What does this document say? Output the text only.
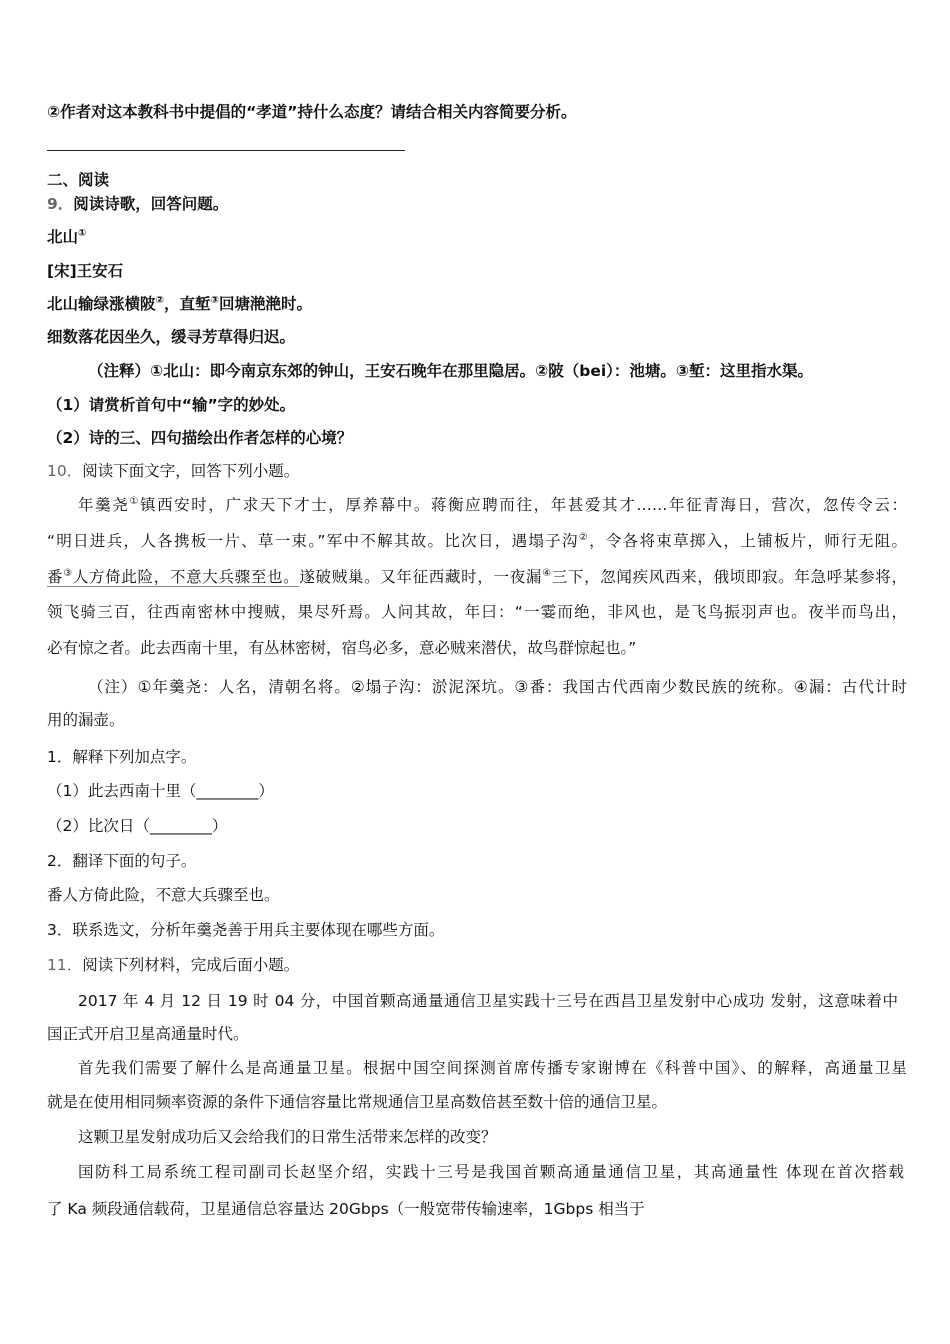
②作者对这本教科书中提倡的“孝道”持什么态度？请结合相关内容简要分析。
二、阅读
9．阅读诗歌，回答问题。
北山①
[宋]王安石
北山输绿涨横陂②，直堑③回塘滟滟时。
细数落花因坐久，缓寻芳草得归迟。
（注释）①北山：即今南京东郊的钟山，王安石晚年在那里隐居。②陂（bei）：池塘。③堑：这里指水渠。
（1）请赏析首句中“输”字的妙处。
（2）诗的三、四句描绘出作者怎样的心境？
10．阅读下面文字，回答下列小题。
年羹尧①镇西安时，广求天下才士，厚养幕中。蒋衡应聘而往，年甚爱其才……年征青海日，营次，忽传令云：
“明日进兵，人各携板一片、草一束。”军中不解其故。比次日，遇塌子沟②，令各将束草掷入，上铺板片，师行无阻。
番③人方倚此险，不意大兵骤至也。遂破贼巢。又年征西藏时，一夜漏④三下，忽闻疾风西来，俄顷即寂。年急呼某参将，
领飞骑三百，往西南密林中搜贼，果尽歼焉。人问其故，年曰：“一霎而绝，非风也，是飞鸟振羽声也。夜半而鸟出，
必有惊之者。此去西南十里，有丛林密树，宿鸟必多，意必贼来潜伏，故鸟群惊起也。”
（注）①年羹尧：人名，清朝名将。②塌子沟：淤泥深坑。③番：我国古代西南少数民族的统称。④漏：古代计时
用的漏壶。
1．解释下列加点字。
（1）此去西南十里（________）
（2）比次日（________）
2．翻译下面的句子。
番人方倚此险，不意大兵骤至也。
3．联系选文，分析年羹尧善于用兵主要体现在哪些方面。
11．阅读下列材料，完成后面小题。
2017 年 4 月 12 日 19 时 04 分，中国首颗高通量通信卫星实践十三号在西昌卫星发射中心成功 发射，这意味着中
国正式开启卫星高通量时代。
首先我们需要了解什么是高通量卫星。根据中国空间探测首席传播专家谢博在《科普中国》、的解释，高通量卫星
就是在使用相同频率资源的条件下通信容量比常规通信卫星高数倍甚至数十倍的通信卫星。
这颗卫星发射成功后又会给我们的日常生活带来怎样的改变？
国防科工局系统工程司副司长赵坚介绍，实践十三号是我国首颗高通量通信卫星，其高通量性 体现在首次搭载
了 Ka 频段通信载荷，卫星通信总容量达 20Gbps（一般宽带传输速率，1Gbps 相当于
